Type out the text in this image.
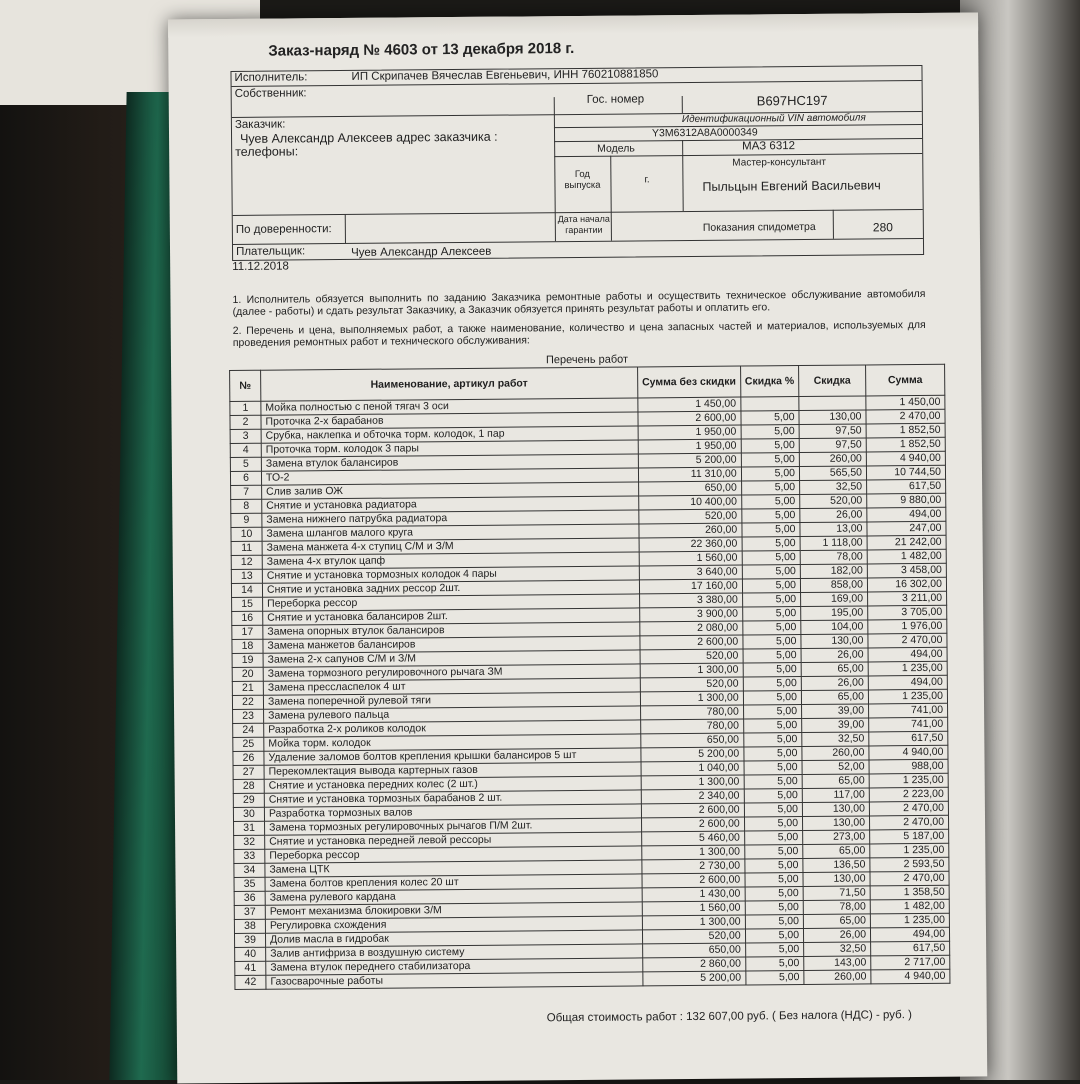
Заказ-наряд № 4603 от 13 декабря 2018 г.
Исполнитель:	ИП Скрипачев Вячеслав Евгеньевич, ИНН 760210881850
Собственник:	Гос. номер	В697НС197
Заказчик:
Чуев Александр Алексеев адрес заказчика :
телефоны:
Идентификационный VIN автомобиля
Y3M6312A8A0000349
Модель	МАЗ 6312
Год выпуска	г.
Мастер-консультант
Пыльцын Евгений Васильевич
По доверенности:
Дата начала гарантии	Показания спидометра	280
Плательщик:	Чуев Александр Алексеев
11.12.2018
1. Исполнитель обязуется выполнить по заданию Заказчика ремонтные работы и осуществить техническое обслуживание автомобиля (далее - работы) и сдать результат Заказчику, а Заказчик обязуется принять результат работы и оплатить его.
2. Перечень и цена, выполняемых работ, а также наименование, количество и цена запасных частей и материалов, используемых для проведения ремонтных работ и технического обслуживания:
Перечень работ					
№	Наименование, артикул работ	Сумма без скидки	Скидка %	Скидка	Сумма
1	Мойка полностью с пеной тягач 3 оси	1 450,00			1 450,00
2	Проточка 2-х барабанов	2 600,00	5,00	130,00	2 470,00
3	Срубка, наклепка и обточка торм. колодок, 1 пар	1 950,00	5,00	97,50	1 852,50
4	Проточка торм. колодок 3 пары	1 950,00	5,00	97,50	1 852,50
5	Замена втулок балансиров	5 200,00	5,00	260,00	4 940,00
6	ТО-2	11 310,00	5,00	565,50	10 744,50
7	Слив залив ОЖ	650,00	5,00	32,50	617,50
8	Снятие и установка радиатора	10 400,00	5,00	520,00	9 880,00
9	Замена нижнего патрубка радиатора	520,00	5,00	26,00	494,00
10	Замена шлангов малого круга	260,00	5,00	13,00	247,00
11	Замена манжета 4-х ступиц С/М и З/М	22 360,00	5,00	1 118,00	21 242,00
12	Замена 4-х втулок цапф	1 560,00	5,00	78,00	1 482,00
13	Снятие и установка тормозных колодок 4 пары	3 640,00	5,00	182,00	3 458,00
14	Снятие и установка задних рессор 2шт.	17 160,00	5,00	858,00	16 302,00
15	Переборка рессор	3 380,00	5,00	169,00	3 211,00
16	Снятие и установка балансиров 2шт.	3 900,00	5,00	195,00	3 705,00
17	Замена опорных втулок балансиров	2 080,00	5,00	104,00	1 976,00
18	Замена манжетов балансиров	2 600,00	5,00	130,00	2 470,00
19	Замена 2-х сапунов С/М и З/М	520,00	5,00	26,00	494,00
20	Замена тормозного регулировочного рычага ЗМ	1 300,00	5,00	65,00	1 235,00
21	Замена пресслаcпелок 4 шт	520,00	5,00	26,00	494,00
22	Замена поперечной рулевой тяги	1 300,00	5,00	65,00	1 235,00
23	Замена рулевого пальца	780,00	5,00	39,00	741,00
24	Разработка 2-х роликов колодок	780,00	5,00	39,00	741,00
25	Мойка торм. колодок	650,00	5,00	32,50	617,50
26	Удаление заломов болтов крепления крышки балансиров 5 шт	5 200,00	5,00	260,00	4 940,00
27	Перекомлектация вывода картерных газов	1 040,00	5,00	52,00	988,00
28	Снятие и установка передних колес (2 шт.)	1 300,00	5,00	65,00	1 235,00
29	Снятие и установка тормозных барабанов 2 шт.	2 340,00	5,00	117,00	2 223,00
30	Разработка тормозных валов	2 600,00	5,00	130,00	2 470,00
31	Замена тормозных регулировочных рычагов П/М 2шт.	2 600,00	5,00	130,00	2 470,00
32	Снятие и установка передней левой рессоры	5 460,00	5,00	273,00	5 187,00
33	Переборка рессор	1 300,00	5,00	65,00	1 235,00
34	Замена ЦТК	2 730,00	5,00	136,50	2 593,50
35	Замена болтов крепления колес 20 шт	2 600,00	5,00	130,00	2 470,00
36	Замена рулевого кардана	1 430,00	5,00	71,50	1 358,50
37	Ремонт механизма блокировки З/М	1 560,00	5,00	78,00	1 482,00
38	Регулировка схождения	1 300,00	5,00	65,00	1 235,00
39	Долив масла в гидробак	520,00	5,00	26,00	494,00
40	Залив антифриза в воздушную систему	650,00	5,00	32,50	617,50
41	Замена втулок переднего стабилизатора	2 860,00	5,00	143,00	2 717,00
42	Газосварочные работы	5 200,00	5,00	260,00	4 940,00
Общая стоимость работ : 132 607,00 руб. ( Без налога (НДС) - руб. )
